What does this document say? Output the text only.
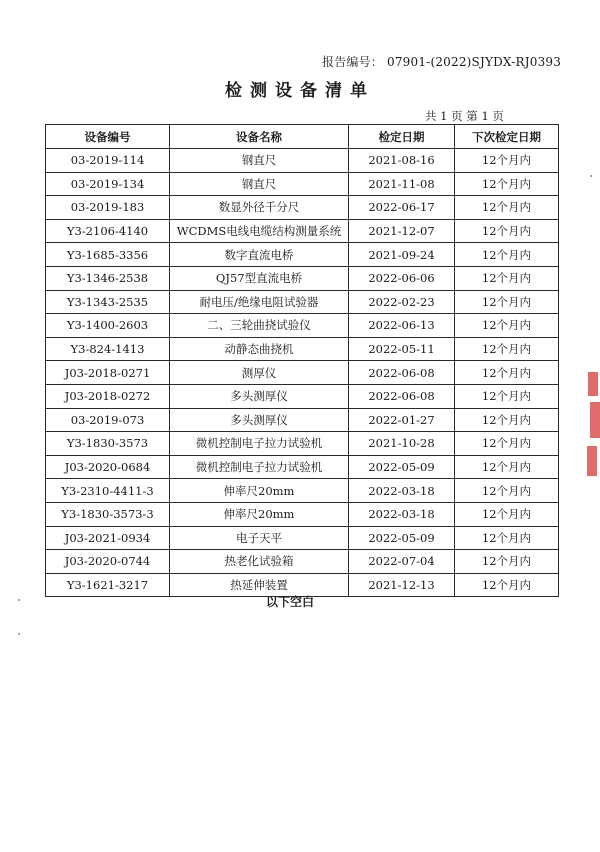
报告编号： 07901-(2022)SJYDX-RJ0393
检测设备清单
共 1 页 第 1 页
设备编号	设备名称	检定日期	下次检定日期
03-2019-114	钢直尺	2021-08-16	12个月内
03-2019-134	钢直尺	2021-11-08	12个月内
03-2019-183	数显外径千分尺	2022-06-17	12个月内
Y3-2106-4140	WCDMS电线电缆结构测量系统	2021-12-07	12个月内
Y3-1685-3356	数字直流电桥	2021-09-24	12个月内
Y3-1346-2538	QJ57型直流电桥	2022-06-06	12个月内
Y3-1343-2535	耐电压/绝缘电阻试验器	2022-02-23	12个月内
Y3-1400-2603	二、三轮曲挠试验仪	2022-06-13	12个月内
Y3-824-1413	动静态曲挠机	2022-05-11	12个月内
J03-2018-0271	测厚仪	2022-06-08	12个月内
J03-2018-0272	多头测厚仪	2022-06-08	12个月内
03-2019-073	多头测厚仪	2022-01-27	12个月内
Y3-1830-3573	微机控制电子拉力试验机	2021-10-28	12个月内
J03-2020-0684	微机控制电子拉力试验机	2022-05-09	12个月内
Y3-2310-4411-3	伸率尺20mm	2022-03-18	12个月内
Y3-1830-3573-3	伸率尺20mm	2022-03-18	12个月内
J03-2021-0934	电子天平	2022-05-09	12个月内
J03-2020-0744	热老化试验箱	2022-07-04	12个月内
Y3-1621-3217	热延伸装置	2021-12-13	12个月内
以下空白
